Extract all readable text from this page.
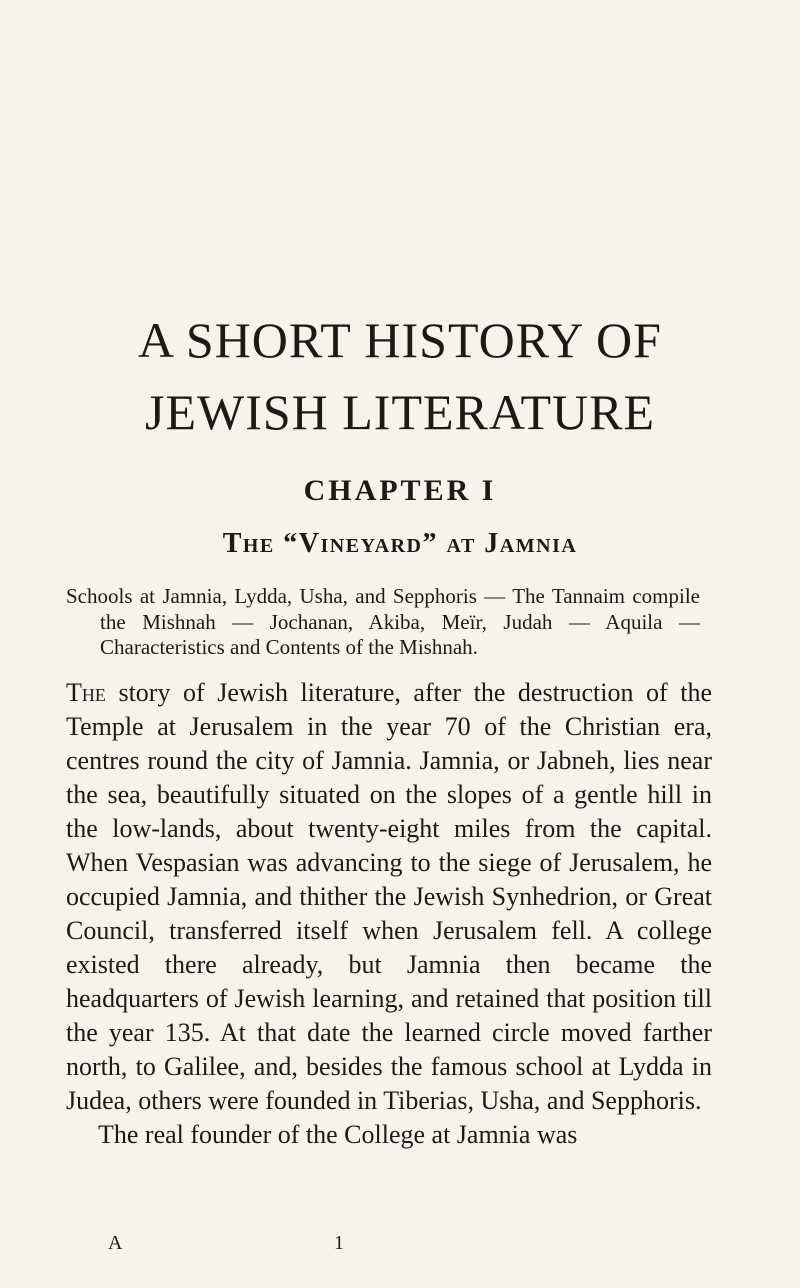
A SHORT HISTORY OF
JEWISH LITERATURE
CHAPTER I
The “Vineyard” at Jamnia

Schools at Jamnia, Lydda, Usha, and Sepphoris — The Tannaim compile the Mishnah — Jochanan, Akiba, Meïr, Judah — Aquila — Characteristics and Contents of the Mishnah.

The story of Jewish literature, after the destruction of the Temple at Jerusalem in the year 70 of the Christian era, centres round the city of Jamnia. Jamnia, or Jabneh, lies near the sea, beautifully situated on the slopes of a gentle hill in the low-lands, about twenty-eight miles from the capital. When Vespasian was advancing to the siege of Jerusalem, he occupied Jamnia, and thither the Jewish Synhedrion, or Great Council, transferred itself when Jerusalem fell. A college existed there already, but Jamnia then became the headquarters of Jewish learning, and retained that position till the year 135. At that date the learned circle moved farther north, to Galilee, and, besides the famous school at Lydda in Judea, others were founded in Tiberias, Usha, and Sepphoris.

The real founder of the College at Jamnia was

A	1
